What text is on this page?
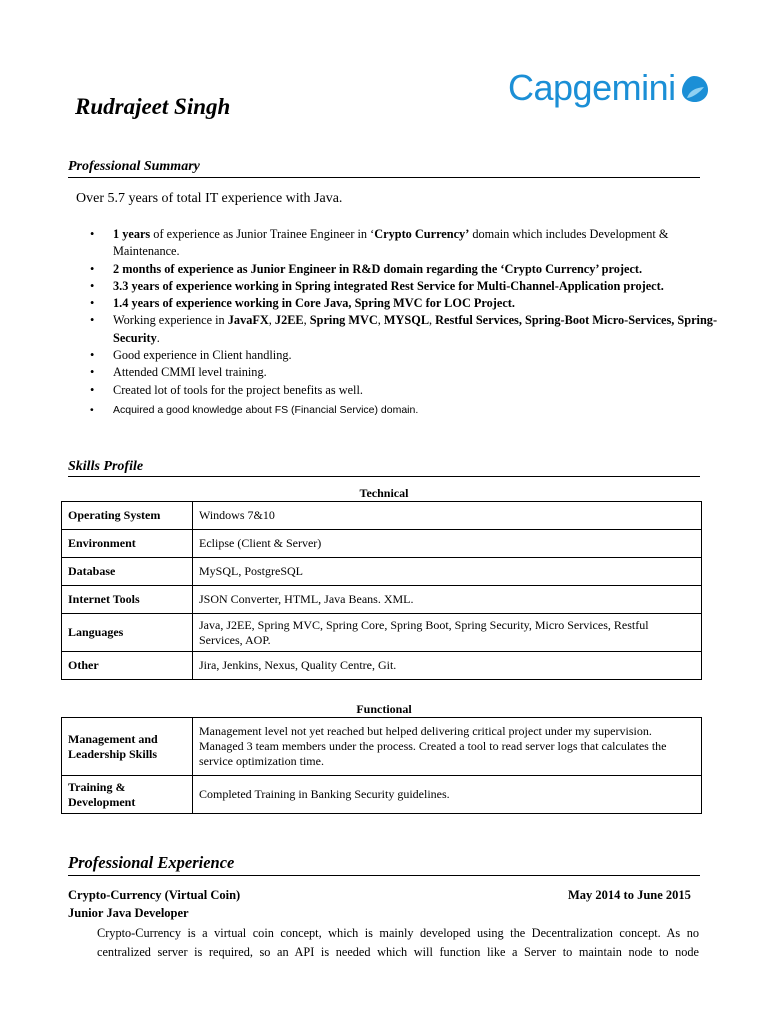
Rudrajeet Singh	Capgemini
Professional Summary
Over 5.7 years of total IT experience with Java.
• 1 years of experience as Junior Trainee Engineer in ‘Crypto Currency’ domain which includes Development & Maintenance.
• 2 months of experience as Junior Engineer in R&D domain regarding the ‘Crypto Currency’ project.
• 3.3 years of experience working in Spring integrated Rest Service for Multi-Channel-Application project.
• 1.4 years of experience working in Core Java, Spring MVC for LOC Project.
• Working experience in JavaFX, J2EE, Spring MVC, MYSQL, Restful Services, Spring-Boot Micro-Services, Spring-Security.
• Good experience in Client handling.
• Attended CMMI level training.
• Created lot of tools for the project benefits as well.
• Acquired a good knowledge about FS (Financial Service) domain.
Skills Profile
Technical
Operating System	Windows 7&10
Environment	Eclipse (Client & Server)
Database	MySQL, PostgreSQL
Internet Tools	JSON Converter, HTML, Java Beans. XML.
Languages	Java, J2EE, Spring MVC, Spring Core, Spring Boot, Spring Security, Micro Services, Restful Services, AOP.
Other	Jira, Jenkins, Nexus, Quality Centre, Git.
Functional
Management and Leadership Skills	Management level not yet reached but helped delivering critical project under my supervision. Managed 3 team members under the process. Created a tool to read server logs that calculates the service optimization time.
Training & Development	Completed Training in Banking Security guidelines.
Professional Experience
Crypto-Currency (Virtual Coin)	May 2014 to June 2015
Junior Java Developer
Crypto-Currency is a virtual coin concept, which is mainly developed using the Decentralization concept. As no
centralized server is required, so an API is needed which will function like a Server to maintain node to node
